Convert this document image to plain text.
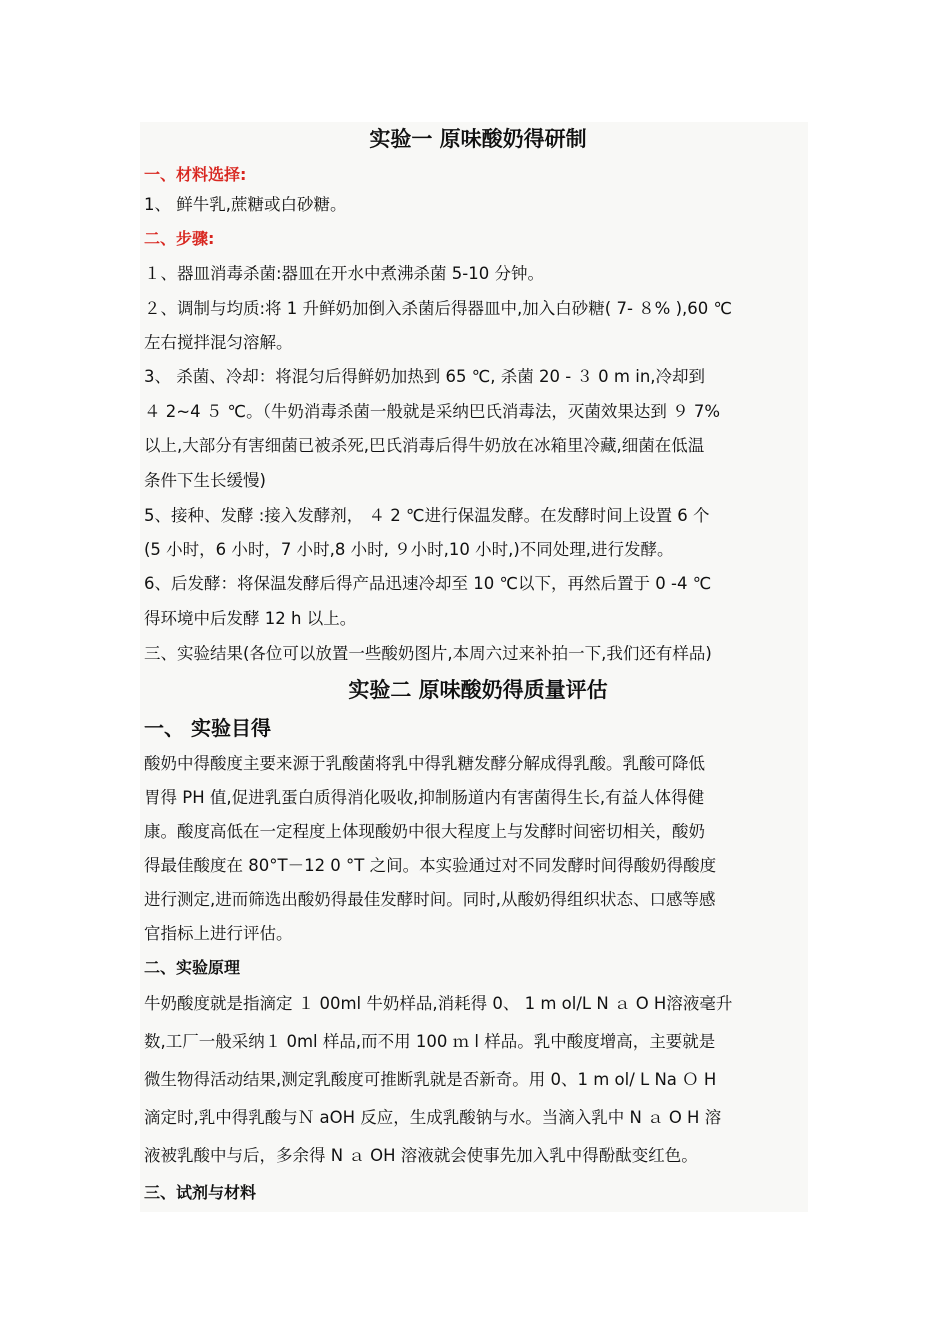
实验一 原味酸奶得研制
一、材料选择:
1、 鲜牛乳,蔗糖或白砂糖。
二、步骤:

１、器皿消毒杀菌:器皿在开水中煮沸杀菌 5-10 分钟。

２、调制与均质:将 1 升鲜奶加倒入杀菌后得器皿中,加入白砂糖( 7- ８% ),60 ℃

左右搅拌混匀溶解。

3、 杀菌、冷却：将混匀后得鲜奶加热到 65 ℃, 杀菌 20 - ３ 0 m in,冷却到

４ 2~4 ５ ℃。（牛奶消毒杀菌一般就是采纳巴氏消毒法，灭菌效果达到 ９ 7%

以上,大部分有害细菌已被杀死,巴氏消毒后得牛奶放在冰箱里冷藏,细菌在低温

条件下生长缓慢)

5、接种、发酵 :接入发酵剂， ４ 2 ℃进行保温发酵。在发酵时间上设置 6 个

(5 小时，6 小时，7 小时,8 小时, ９小时,10 小时,)不同处理,进行发酵。

6、后发酵：将保温发酵后得产品迅速冷却至 10 ℃以下，再然后置于 0 -4 ℃

得环境中后发酵 12 h 以上。

三、实验结果(各位可以放置一些酸奶图片,本周六过来补拍一下,我们还有样品)

实验二 原味酸奶得质量评估
一、 实验目得

酸奶中得酸度主要来源于乳酸菌将乳中得乳糖发酵分解成得乳酸。乳酸可降低

胃得 PH 值,促进乳蛋白质得消化吸收,抑制肠道内有害菌得生长,有益人体得健

康。酸度高低在一定程度上体现酸奶中很大程度上与发酵时间密切相关，酸奶

得最佳酸度在 80°T－12 0 °T 之间。本实验通过对不同发酵时间得酸奶得酸度

进行测定,进而筛选出酸奶得最佳发酵时间。同时,从酸奶得组织状态、口感等感

官指标上进行评估。

二、实验原理

牛奶酸度就是指滴定 １ 00ml 牛奶样品,消耗得 0、 1 m ol/L N ａ O H溶液毫升

数,工厂一般采纳１ 0ml 样品,而不用 100 ｍ l 样品。乳中酸度增高，主要就是

微生物得活动结果,测定乳酸度可推断乳就是否新奇。用 0、1 m ol/ L Na Ｏ H

滴定时,乳中得乳酸与Ｎ aOH 反应，生成乳酸钠与水。当滴入乳中 N ａ O H 溶

液被乳酸中与后，多余得 N ａ OH 溶液就会使事先加入乳中得酚酞变红色。

三、试剂与材料
